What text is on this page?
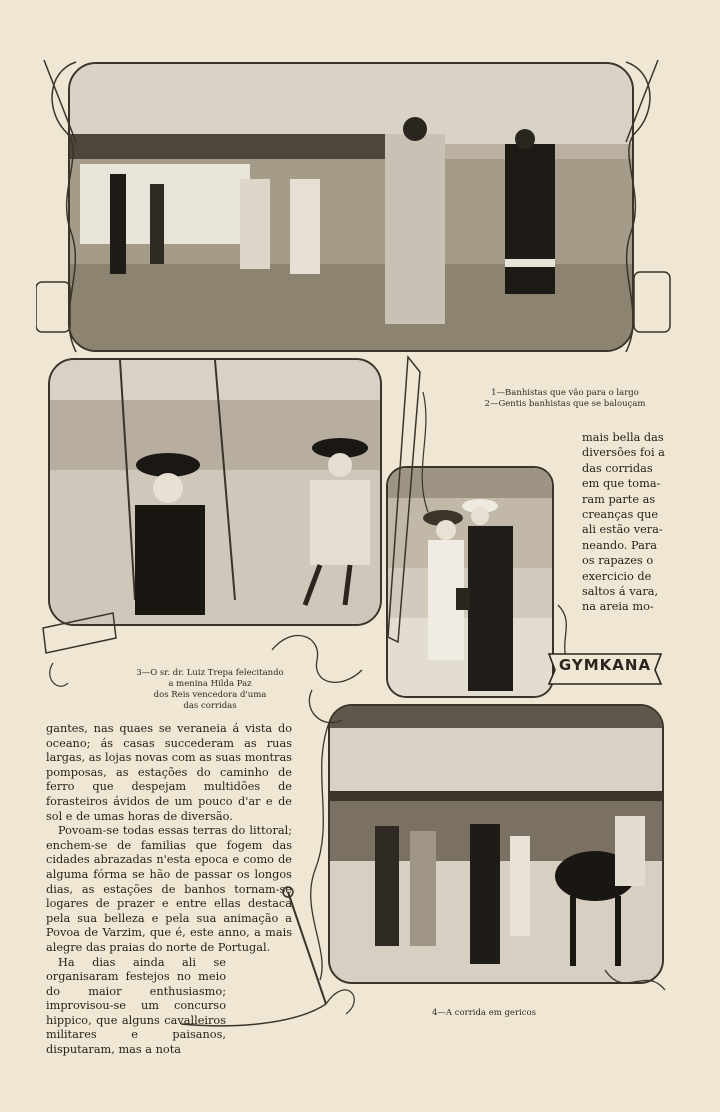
1—Banhistas que vão para o largo
2—Gentis banhistas que se balouçam
3—O sr. dr. Luiz Trepa felecitando
a menina Hilda Paz
dos Reis vencedora d'uma
das corridas
4—A corrida em gericos
GYMKANA
mais bella das
diversões foi a
das corridas
em que toma-
ram parte as
creanças que
ali estão vera-
neando. Para
os rapazes o
exercicio de
saltos á vara,
na areia mo-

gantes, nas quaes se veraneia á vista do oceano; ás casas succederam as ruas largas, as lojas novas com as suas montras pomposas, as estações do caminho de ferro que despejam multidões de forasteiros ávidos de um pouco d'ar e de sol e de umas horas de diversão.

Povoam-se todas essas terras do littoral; enchem-se de familias que fogem das cidades abrazadas n'esta epoca e como de alguma fórma se hão de passar os longos dias, as estações de banhos tornam-se logares de prazer e entre ellas destaca pela sua belleza e pela sua animação a Povoa de Varzim, que é, este anno, a mais alegre das praias do norte de Portugal.

Ha dias ainda ali se organisaram festejos no meio do maior enthusiasmo; improvisou-se um concurso hippico, que alguns cavalleiros militares e paisanos, disputaram, mas a nota
